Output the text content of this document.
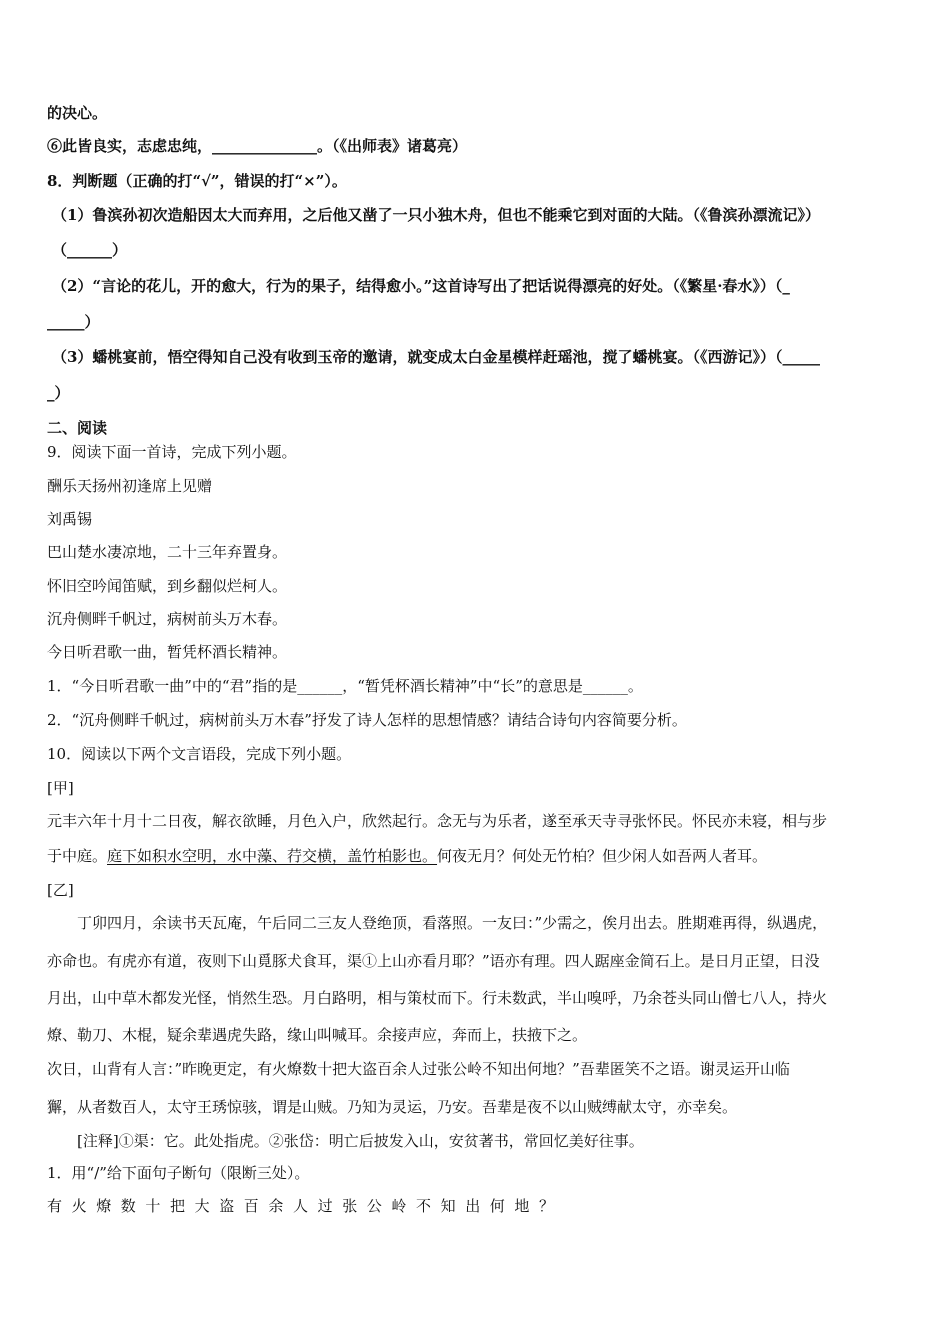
的决心。
⑥此皆良实，志虑忠纯，______________。（《出师表》诸葛亮）
8．判断题（正确的打“√”，错误的打“×”）。
（1）鲁滨孙初次造船因太大而弃用，之后他又凿了一只小独木舟，但也不能乘它到对面的大陆。（《鲁滨孙漂流记》）
（______）
（2）“言论的花儿，开的愈大，行为的果子，结得愈小。”这首诗写出了把话说得漂亮的好处。（《繁星·春水》）（_
_____）
（3）蟠桃宴前，悟空得知自己没有收到玉帝的邀请，就变成太白金星模样赶瑶池，搅了蟠桃宴。（《西游记》）（_____
_）
二、阅读
9．阅读下面一首诗，完成下列小题。
酬乐天扬州初逢席上见赠
刘禹锡
巴山楚水凄凉地，二十三年弃置身。
怀旧空吟闻笛赋，到乡翻似烂柯人。
沉舟侧畔千帆过，病树前头万木春。
今日听君歌一曲，暂凭杯酒长精神。
1．“今日听君歌一曲”中的“君”指的是______，“暂凭杯酒长精神”中“长”的意思是______。
2．“沉舟侧畔千帆过，病树前头万木春”抒发了诗人怎样的思想情感？请结合诗句内容简要分析。
10．阅读以下两个文言语段，完成下列小题。
[甲]
元丰六年十月十二日夜，解衣欲睡，月色入户，欣然起行。念无与为乐者，遂至承天寺寻张怀民。怀民亦未寝，相与步
于中庭。庭下如积水空明，水中藻、荇交横，盖竹柏影也。何夜无月？何处无竹柏？但少闲人如吾两人者耳。
[乙]
丁卯四月，余读书天瓦庵，午后同二三友人登绝顶，看落照。一友曰：”少需之，俟月出去。胜期难再得，纵遇虎，
亦命也。有虎亦有道，夜则下山覓豚犬食耳，渠①上山亦看月耶？”语亦有理。四人踞座金简石上。是日月正望，日没
月出，山中草木都发光怪，悄然生恐。月白路明，相与策杖而下。行未数武，半山嗅呼，乃余苍头同山僧七八人，持火
燎、勒刀、木棍，疑余辈遇虎失路，缘山叫喊耳。余接声应，奔而上，扶掖下之。
次日，山背有人言：”昨晚更定，有火燎数十把大盗百余人过张公岭不知出何地？”吾辈匿笑不之语。谢灵运开山临
獬，从者数百人，太守王琇惊骇，谓是山贼。乃知为灵运，乃安。吾辈是夜不以山贼缚献太守，亦幸矣。
[注释]①渠：它。此处指虎。②张岱：明亡后披发入山，安贫著书，常回忆美好往事。
1．用“/”给下面句子断句（限断三处）。
有火燎数十把大盗百余人过张公岭不知出何地？
